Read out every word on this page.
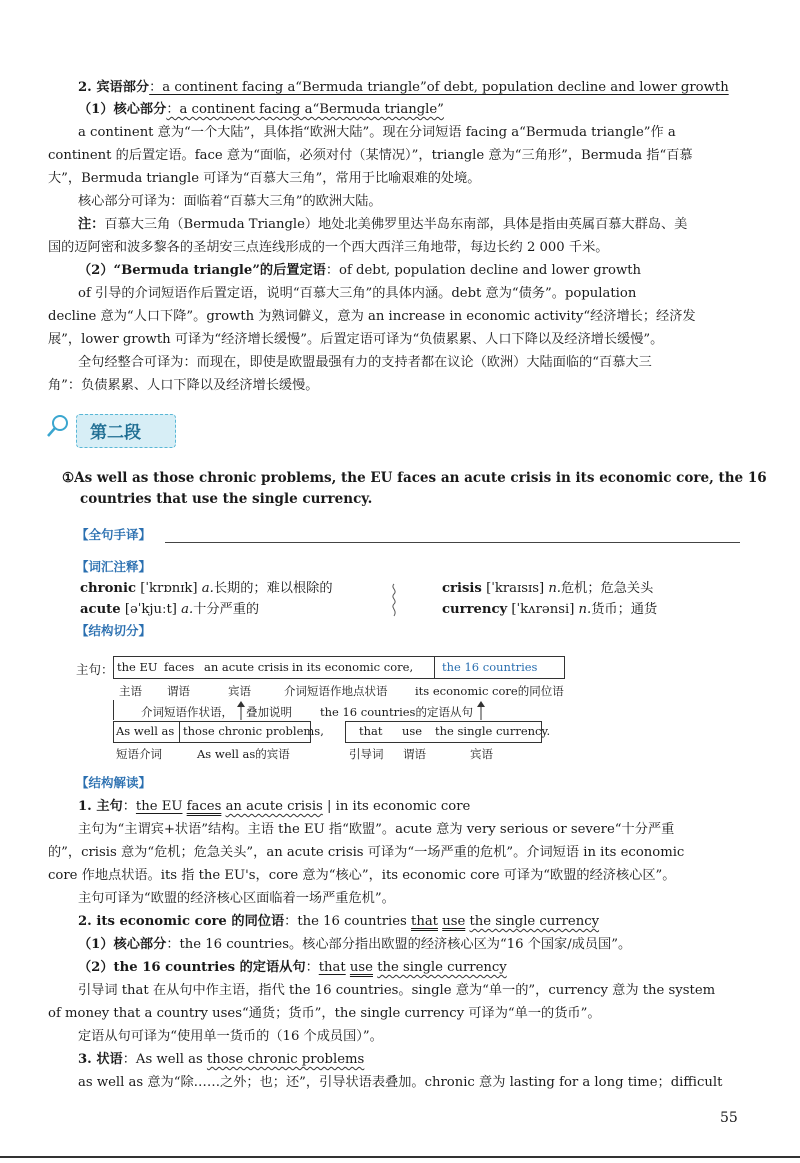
2. 宾语部分：a continent facing a“Bermuda triangle”of debt, population decline and lower growth

（1）核心部分：a continent facing a“Bermuda triangle”

a continent 意为“一个大陆”，具体指“欧洲大陆”。现在分词短语 facing a“Bermuda triangle”作 a

continent 的后置定语。face 意为“面临，必须对付（某情况）”，triangle 意为“三角形”，Bermuda 指“百慕

大”，Bermuda triangle 可译为“百慕大三角”，常用于比喻艰难的处境。

核心部分可译为：面临着“百慕大三角”的欧洲大陆。

注：百慕大三角（Bermuda Triangle）地处北美佛罗里达半岛东南部，具体是指由英属百慕大群岛、美

国的迈阿密和波多黎各的圣胡安三点连线形成的一个西大西洋三角地带，每边长约 2 000 千米。

（2）“Bermuda triangle”的后置定语：of debt, population decline and lower growth

of 引导的介词短语作后置定语，说明“百慕大三角”的具体内涵。debt 意为“债务”。population

decline 意为“人口下降”。growth 为熟词僻义，意为 an increase in economic activity“经济增长；经济发

展”，lower growth 可译为“经济增长缓慢”。后置定语可译为“负债累累、人口下降以及经济增长缓慢”。

全句经整合可译为：而现在，即使是欧盟最强有力的支持者都在议论（欧洲）大陆面临的“百慕大三

角”：负债累累、人口下降以及经济增长缓慢。

第二段

①As well as those chronic problems, the EU faces an acute crisis in its economic core, the 16

countries that use the single currency.

【全句手译】

【词汇注释】

chronic [ˈkrɒnɪk] a.长期的；难以根除的	crisis [ˈkraɪsɪs] n.危机；危急关头

acute [əˈkjuːt] a.十分严重的	currency [ˈkʌrənsi] n.货币；通货

【结构切分】

主句： the EU faces an acute crisis in its economic core,	the 16 countries
主语 谓语	宾语	介词短语作地点状语 its economic core的同位语
介词短语作状语， 叠加说明 the 16 countries的定语从句
As well as those chronic problems,
短语介词	As well as的宾语
that use the single currency.
引导词 谓语	宾语

【结构解读】

1. 主句：the EU faces an acute crisis | in its economic core

主句为“主谓宾+状语”结构。主语 the EU 指“欧盟”。acute 意为 very serious or severe“十分严重

的”，crisis 意为“危机；危急关头”，an acute crisis 可译为“一场严重的危机”。介词短语 in its economic

core 作地点状语。its 指 the EU's，core 意为“核心”，its economic core 可译为“欧盟的经济核心区”。

主句可译为“欧盟的经济核心区面临着一场严重危机”。

2. its economic core 的同位语：the 16 countries that use the single currency

（1）核心部分：the 16 countries。核心部分指出欧盟的经济核心区为“16 个国家/成员国”。

（2）the 16 countries 的定语从句：that use the single currency

引导词 that 在从句中作主语，指代 the 16 countries。single 意为“单一的”，currency 意为 the system

of money that a country uses“通货；货币”，the single currency 可译为“单一的货币”。

定语从句可译为“使用单一货币的（16 个成员国）”。

3. 状语：As well as those chronic problems

as well as 意为“除……之外；也；还”，引导状语表叠加。chronic 意为 lasting for a long time；difficult

55
